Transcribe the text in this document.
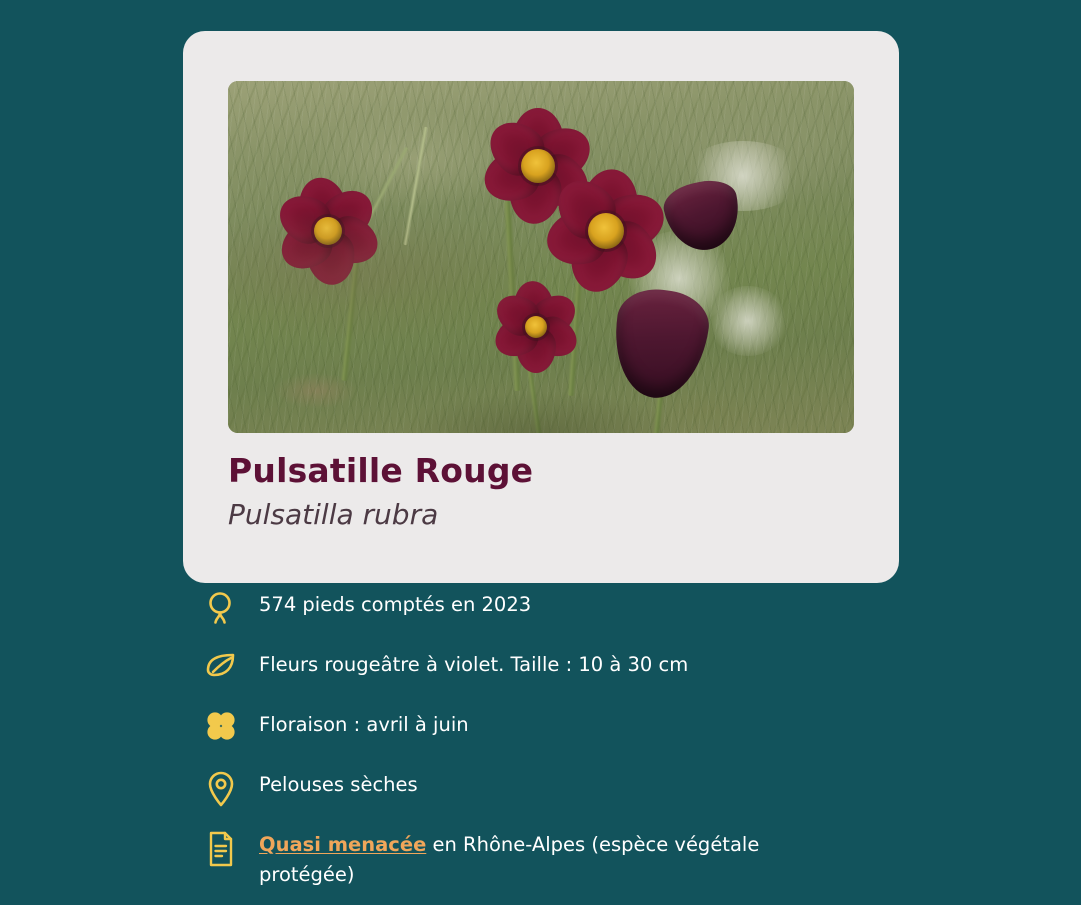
Pulsatille Rouge
Pulsatilla rubra
574 pieds comptés en 2023
Fleurs rougeâtre à violet. Taille : 10 à 30 cm
Floraison : avril à juin
Pelouses sèches
Quasi menacée en Rhône-Alpes (espèce végétale protégée)
